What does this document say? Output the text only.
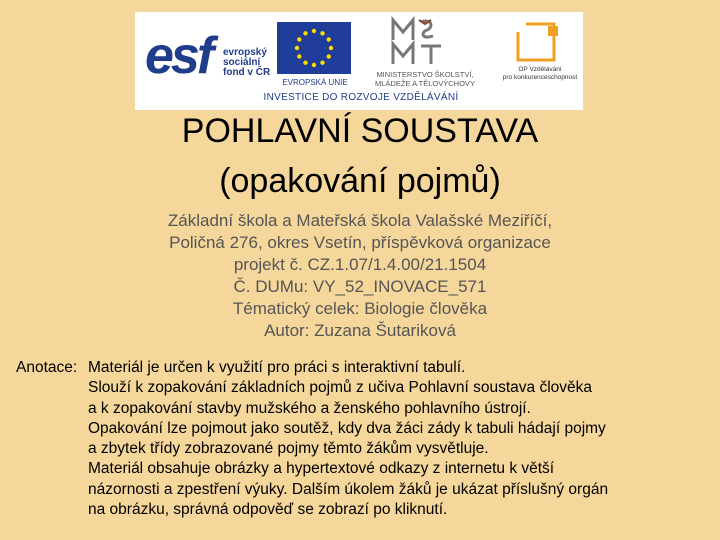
esf evropský
sociální
fond v ČR
EVROPSKÁ UNIE
MINISTERSTVO ŠKOLSTVÍ,
MLÁDEŽE A TĚLOVÝCHOVY
OP Vzdělávání
pro konkurenceschopnost
INVESTICE DO ROZVOJE VZDĚLÁVÁNÍ
POHLAVNÍ SOUSTAVA
(opakování pojmů)
Základní škola a Mateřská škola Valašské Meziříčí,
Poličná 276, okres Vsetín, příspěvková organizace
projekt č. CZ.1.07/1.4.00/21.1504
Č. DUMu: VY_52_INOVACE_571
Tématický celek: Biologie člověka
Autor: Zuzana Šutariková
Anotace: Materiál je určen k využití pro práci s interaktivní tabulí.
Slouží k zopakování základních pojmů z učiva Pohlavní soustava člověka
a k zopakování stavby mužského a ženského pohlavního ústrojí.
Opakování lze pojmout jako soutěž, kdy dva žáci zády k tabuli hádají pojmy
a zbytek třídy zobrazované pojmy těmto žákům vysvětluje.
Materiál obsahuje obrázky a hypertextové odkazy z internetu k větší
názornosti a zpestření výuky. Dalším úkolem žáků je ukázat příslušný orgán
na obrázku, správná odpověď se zobrazí po kliknutí.
